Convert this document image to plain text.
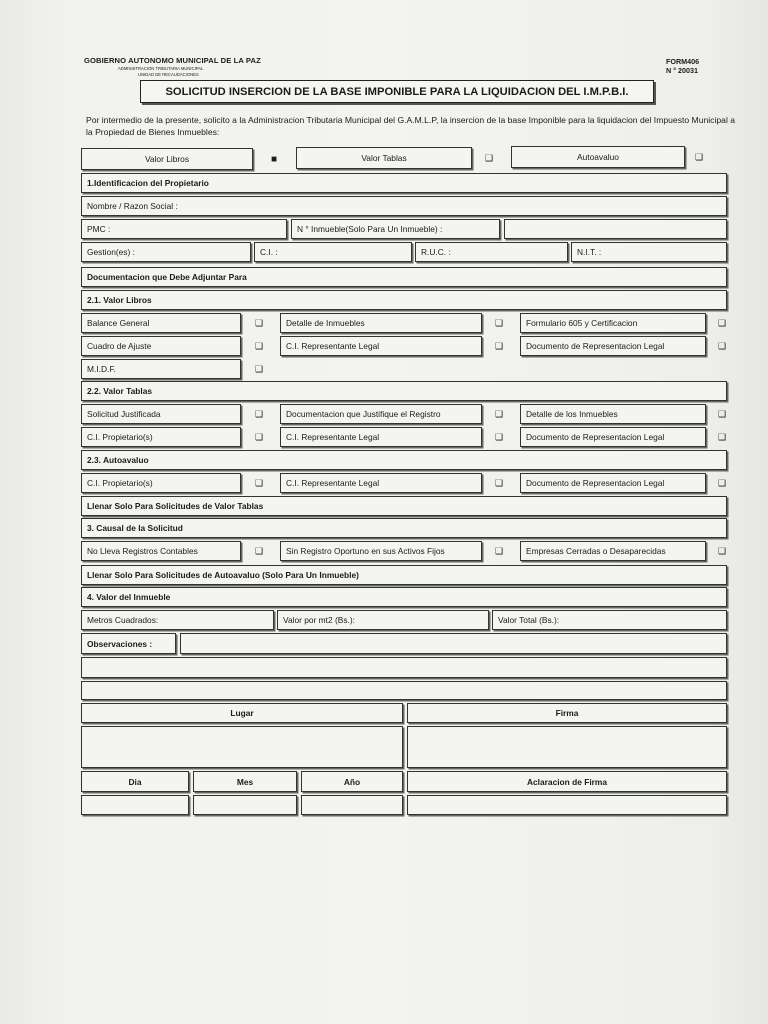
GOBIERNO AUTONOMO MUNICIPAL DE LA PAZ
ADMINISTRACION TRIBUTARIA MUNICIPAL
UNIDAD DE RECAUDACIONES
FORM406
N ° 20031
SOLICITUD INSERCION DE LA BASE IMPONIBLE PARA LA LIQUIDACION DEL I.M.P.B.I.
Por intermedio de la presente, solicito a la Administracion Tributaria Municipal del G.A.M.L.P, la insercion de la base Imponible para la liquidacion del Impuesto Municipal a la Propiedad de Bienes Inmuebles:
Valor Libros	■	Valor Tablas	❑	Autoavaluo	❑
1.Identificacion del Propietario
Nombre / Razon Social :
PMC :	N ° Inmueble(Solo Para Un Inmueble) :
Gestion(es) :	C.I. :	R.U.C. :	N.I.T. :
Documentacion que Debe Adjuntar Para
2.1. Valor Libros
Balance General	❑	Detalle de Inmuebles	❑	Formulario 605 y Certificacion	❑
Cuadro de Ajuste	❑	C.I. Representante Legal	❑	Documento de Representacion Legal	❑
M.I.D.F.	❑
2.2. Valor Tablas
Solicitud Justificada	❑	Documentacion que Justifique el Registro	❑	Detalle de los Inmuebles	❑
C.I. Propietario(s)	❑	C.I. Representante Legal	❑	Documento de Representacion Legal	❑
2.3. Autoavaluo
C.I. Propietario(s)	❑	C.I. Representante Legal	❑	Documento de Representacion Legal	❑
Llenar Solo Para Solicitudes de Valor Tablas
3. Causal de la Solicitud
No Lleva Registros Contables	❑	Sin Registro Oportuno en sus Activos Fijos	❑	Empresas Cerradas o Desaparecidas	❑
Llenar Solo Para Solicitudes de Autoavaluo (Solo Para Un Inmueble)
4. Valor del Inmueble
Metros Cuadrados:	Valor por mt2 (Bs.):	Valor Total (Bs.):
Observaciones :
Lugar	Firma
Dia	Mes	Año	Aclaracion de Firma
